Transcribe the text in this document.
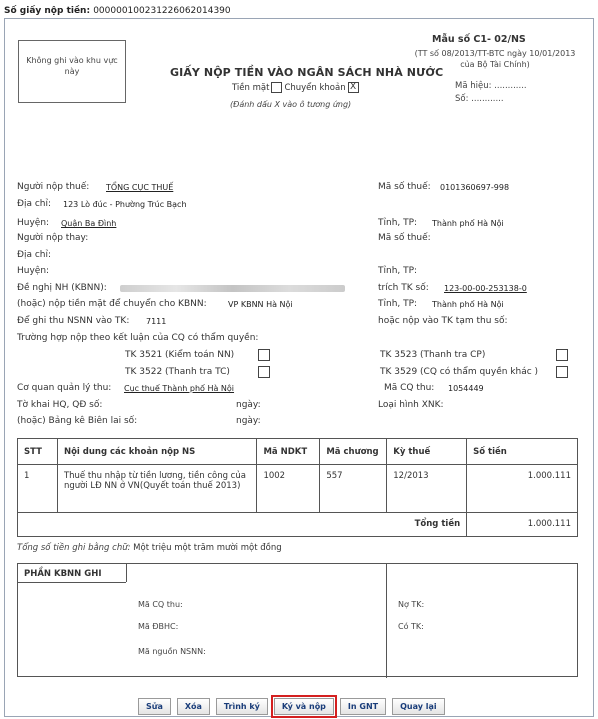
Số giấy nộp tiền: 000000100231226062014390
Không ghi vào khu vực này	GIẤY NỘP TIỀN VÀO NGÂN SÁCH NHÀ NƯỚC
Tiền mặt Chuyển khoản X
(Đánh dấu X vào ô tương ứng)
Mẫu số C1- 02/NS
(TT số 08/2013/TT-BTC ngày 10/01/2013
của Bộ Tài Chính)
Mã hiệu: ............
Số: ............
Người nộp thuế: TỔNG CỤC THUẾ	Mã số thuế: 0101360697-998
Địa chỉ: 123 Lò đúc - Phường Trúc Bạch
Huyện: Quận Ba Đình	Tỉnh, TP: Thành phố Hà Nội
Người nộp thay:	Mã số thuế:
Địa chỉ:
Huyện:	Tỉnh, TP:
Đề nghị NH (KBNN):	trích TK số: 123-00-00-253138-0
(hoặc) nộp tiền mặt để chuyển cho KBNN:	VP KBNN Hà Nội	Tỉnh, TP: Thành phố Hà Nội
Để ghi thu NSNN vào TK: 7111	hoặc nộp vào TK tạm thu số:
Trường hợp nộp theo kết luận của CQ có thẩm quyền:
TK 3521 (Kiểm toán NN)	TK 3523 (Thanh tra CP)
TK 3522 (Thanh tra TC)	TK 3529 (CQ có thẩm quyền khác )
Cơ quan quản lý thu: Cục thuế Thành phố Hà Nội	Mã CQ thu: 1054449
Tờ khai HQ, QĐ số:	ngày:	Loại hình XNK:
(hoặc) Bảng kê Biên lai số:	ngày:
STT	Nội dung các khoản nộp NS	Mã NDKT	Mã chương	Kỳ thuế	Số tiền
1	Thuế thu nhập từ tiền lương, tiền công của người LĐ NN ở VN(Quyết toán thuế 2013)	1002	557	12/2013	1.000.111
Tổng tiền					1.000.111
Tổng số tiền ghi bằng chữ: Một triệu một trăm mười một đồng
PHẦN KBNN GHI
Mã CQ thu:
Mã ĐBHC:
Mã nguồn NSNN:
Nợ TK:
Có TK:
Sửa	Xóa	Trình ký	Ký và nộp	In GNT	Quay lại
